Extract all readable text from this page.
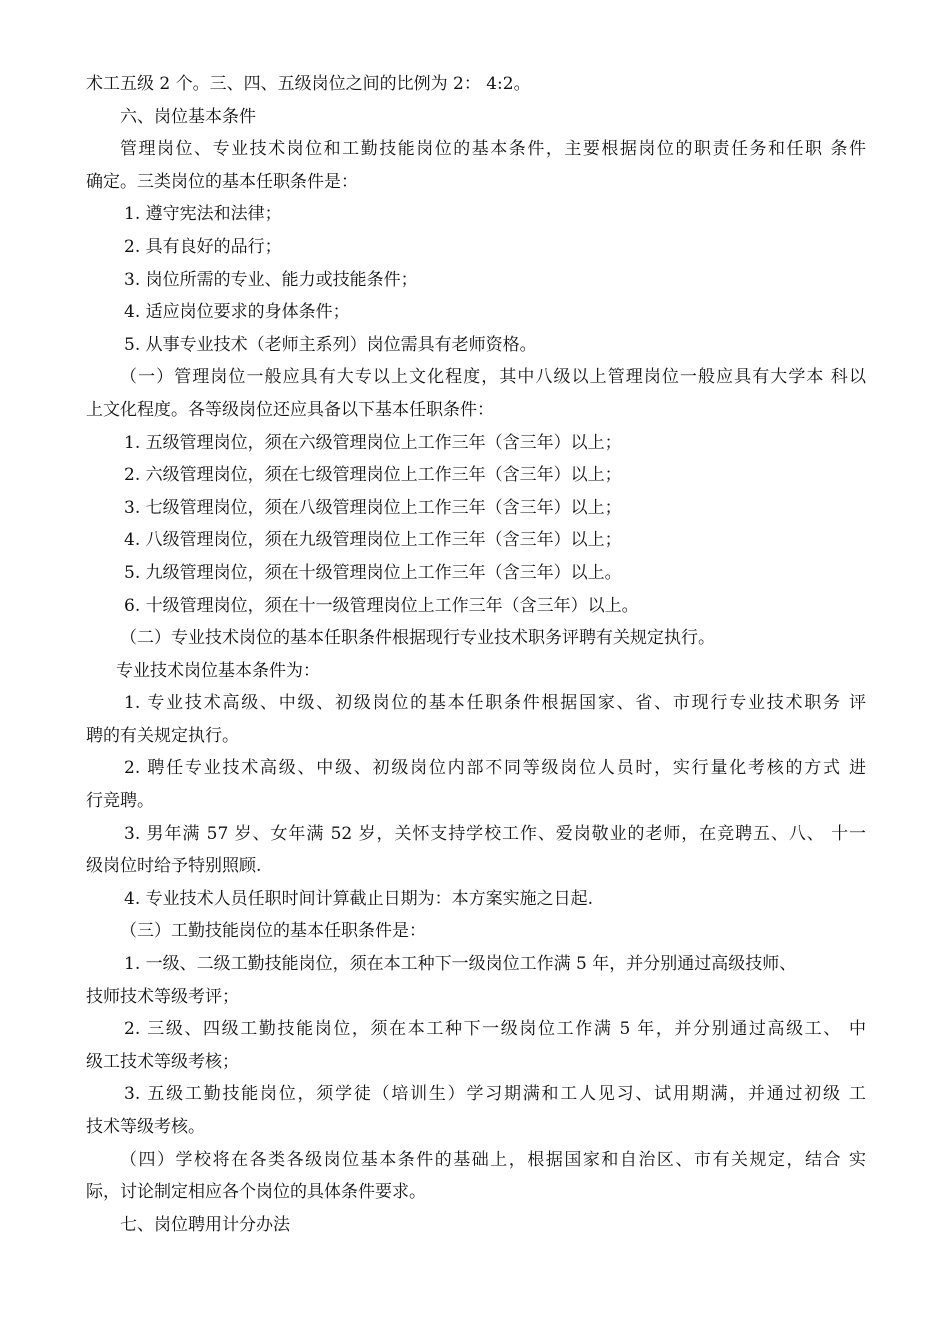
术工五级 2 个。三、四、五级岗位之间的比例为 2： 4:2。

六、岗位基本条件

管理岗位、专业技术岗位和工勤技能岗位的基本条件，主要根据岗位的职责任务和任职 条件

确定。三类岗位的基本任职条件是：

1. 遵守宪法和法律；

2. 具有良好的品行；

3. 岗位所需的专业、能力或技能条件；

4. 适应岗位要求的身体条件；

5. 从事专业技术（老师主系列）岗位需具有老师资格。

（一）管理岗位一般应具有大专以上文化程度，其中八级以上管理岗位一般应具有大学本 科以

上文化程度。各等级岗位还应具备以下基本任职条件：

1. 五级管理岗位，须在六级管理岗位上工作三年（含三年）以上；

2. 六级管理岗位，须在七级管理岗位上工作三年（含三年）以上；

3. 七级管理岗位，须在八级管理岗位上工作三年（含三年）以上；

4. 八级管理岗位，须在九级管理岗位上工作三年（含三年）以上；

5. 九级管理岗位，须在十级管理岗位上工作三年（含三年）以上。

6. 十级管理岗位，须在十一级管理岗位上工作三年（含三年）以上。

（二）专业技术岗位的基本任职条件根据现行专业技术职务评聘有关规定执行。

专业技术岗位基本条件为：

1. 专业技术高级、中级、初级岗位的基本任职条件根据国家、省、市现行专业技术职务 评

聘的有关规定执行。

2. 聘任专业技术高级、中级、初级岗位内部不同等级岗位人员时，实行量化考核的方式 进

行竞聘。

3. 男年满 57 岁、女年满 52 岁，关怀支持学校工作、爱岗敬业的老师，在竞聘五、八、 十一

级岗位时给予特别照顾.

4. 专业技术人员任职时间计算截止日期为：本方案实施之日起.

（三）工勤技能岗位的基本任职条件是：

1. 一级、二级工勤技能岗位，须在本工种下一级岗位工作满 5 年，并分别通过高级技师、

技师技术等级考评；

2. 三级、四级工勤技能岗位，须在本工种下一级岗位工作满 5 年，并分别通过高级工、 中

级工技术等级考核；

3. 五级工勤技能岗位，须学徒（培训生）学习期满和工人见习、试用期满，并通过初级 工

技术等级考核。

（四）学校将在各类各级岗位基本条件的基础上，根据国家和自治区、市有关规定，结合 实

际，讨论制定相应各个岗位的具体条件要求。

七、岗位聘用计分办法
